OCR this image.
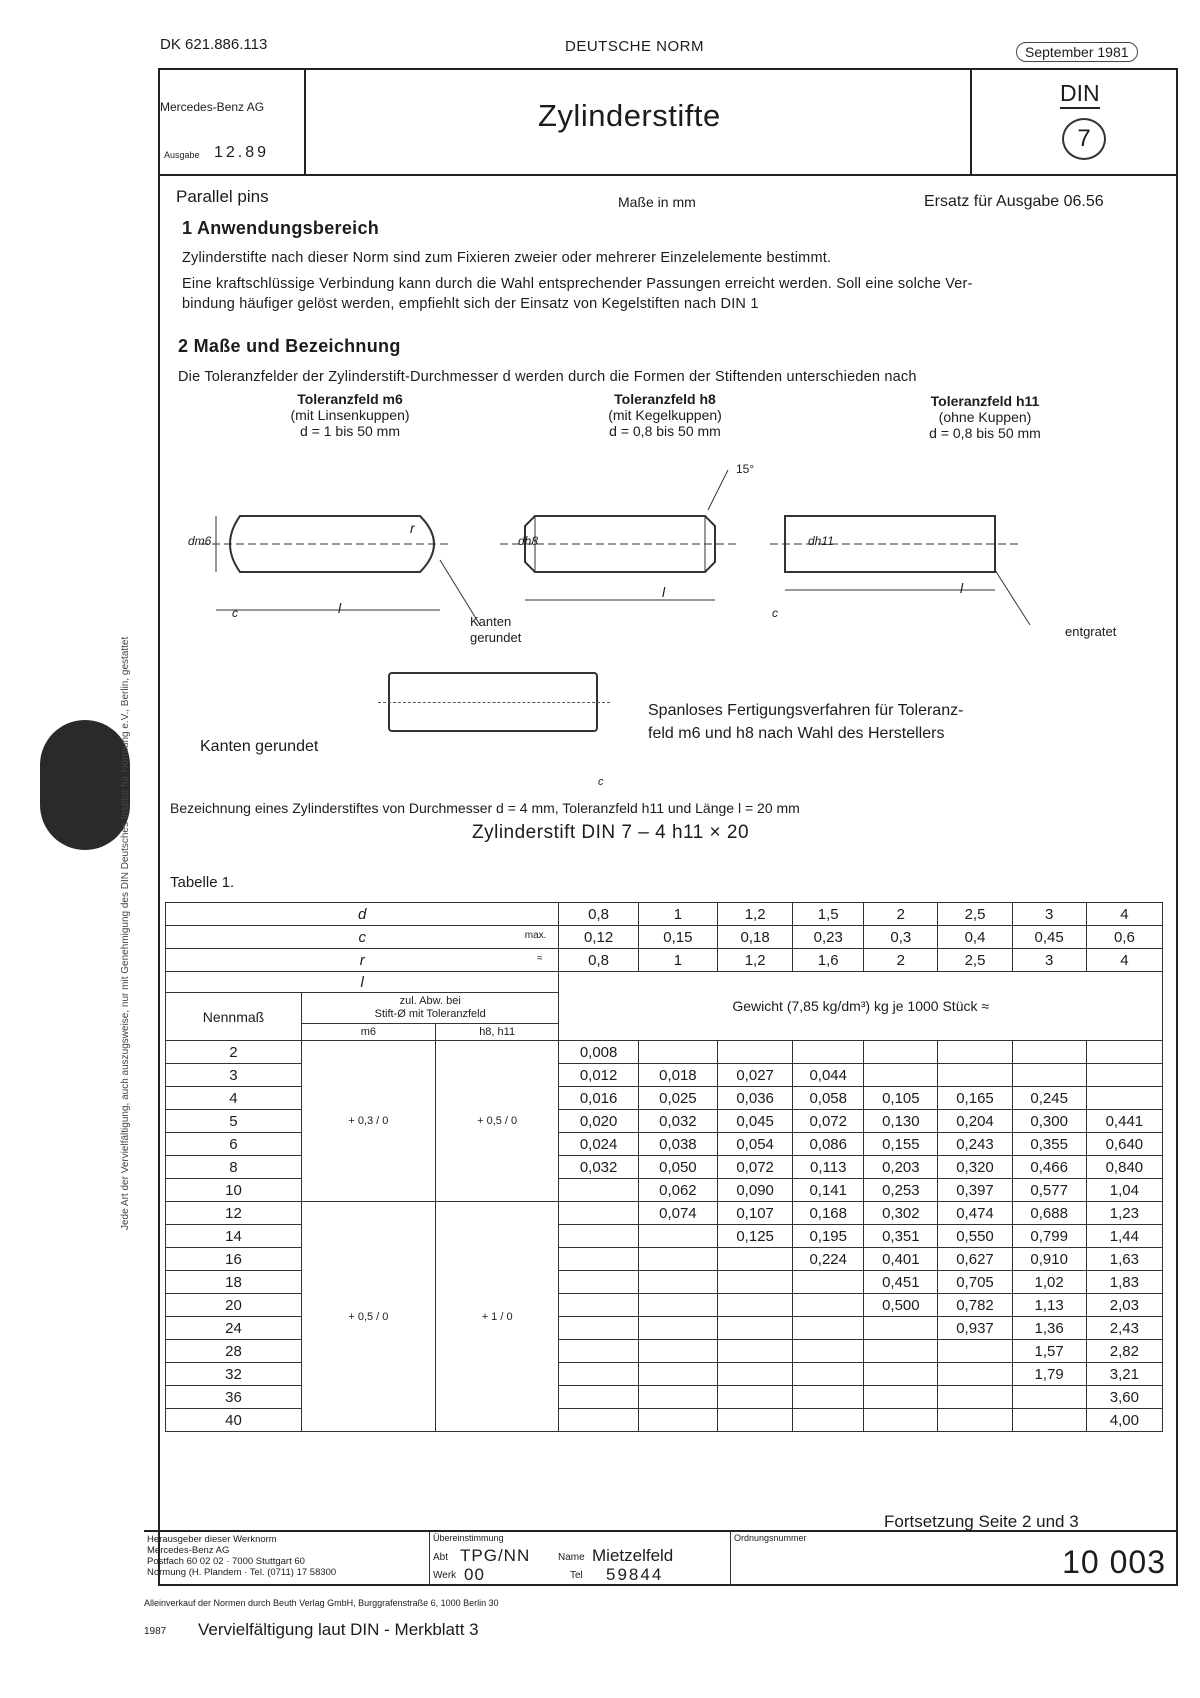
Jede Art der Vervielfältigung, auch auszugsweise, nur mit Genehmigung des DIN Deutsches Institut für Normung e.V., Berlin, gestattet
DK 621.886.113	DEUTSCHE NORM	September 1981
Mercedes-Benz AG
Ausgabe 12.89
Zylinderstifte
DIN
7
Parallel pins	Maße in mm	Ersatz für Ausgabe 06.56
1 Anwendungsbereich
Zylinderstifte nach dieser Norm sind zum Fixieren zweier oder mehrerer Einzelelemente bestimmt.
Eine kraftschlüssige Verbindung kann durch die Wahl entsprechender Passungen erreicht werden. Soll eine solche Ver-
bindung häufiger gelöst werden, empfiehlt sich der Einsatz von Kegelstiften nach DIN 1
2 Maße und Bezeichnung
Die Toleranzfelder der Zylinderstift-Durchmesser d werden durch die Formen der Stiftenden unterschieden nach
Toleranzfeld m6
(mit Linsenkuppen)
d = 1 bis 50 mm
Toleranzfeld h8
(mit Kegelkuppen)
d = 0,8 bis 50 mm
Toleranzfeld h11
(ohne Kuppen)
d = 0,8 bis 50 mm
dm6
l
c
r
dh8
l
c
15°
dh11
l
Kanten
gerundet	entgratet
Kanten gerundet
c
Spanloses Fertigungsverfahren für Toleranz-
feld m6 und h8 nach Wahl des Herstellers
Bezeichnung eines Zylinderstiftes von Durchmesser d = 4 mm, Toleranzfeld h11 und Länge l = 20 mm
Zylinderstift DIN 7 – 4 h11 × 20
Tabelle 1.
d			0,8	1	1,2	1,5	2	2,5	3	4
c max.			0,12	0,15	0,18	0,23	0,3	0,4	0,45	0,6
r ≈			0,8	1	1,2	1,6	2	2,5	3	4
l			Gewicht (7,85 kg/dm³) kg je 1000 Stück ≈							
Nennmaß	zul. Abw. bei
Stift-Ø mit Toleranzfeld									

	m6	h8, h11								
2	+ 0,3 / 0	+ 0,5 / 0	0,008							
3			0,012	0,018	0,027	0,044				
4			0,016	0,025	0,036	0,058	0,105	0,165	0,245	
5			0,020	0,032	0,045	0,072	0,130	0,204	0,300	0,441
6			0,024	0,038	0,054	0,086	0,155	0,243	0,355	0,640
8			0,032	0,050	0,072	0,113	0,203	0,320	0,466	0,840
10				0,062	0,090	0,141	0,253	0,397	0,577	1,04
12	+ 0,5 / 0	+ 1 / 0		0,074	0,107	0,168	0,302	0,474	0,688	1,23
14					0,125	0,195	0,351	0,550	0,799	1,44
16						0,224	0,401	0,627	0,910	1,63
18							0,451	0,705	1,02	1,83
20							0,500	0,782	1,13	2,03
24								0,937	1,36	2,43
28									1,57	2,82
32									1,79	3,21
36										3,60
40										4,00
Fortsetzung Seite 2 und 3
Herausgeber dieser Werknorm
Mercedes-Benz AG
Postfach 60 02 02 · 7000 Stuttgart 60
Normung (H. Plandem · Tel. (0711) 17 58300
Übereinstimmung
Abt TPG/NN	Name Mietzelfeld
Werk 00	Tel 59844
Ordnungsnummer
10 003
Alleinverkauf der Normen durch Beuth Verlag GmbH, Burggrafenstraße 6, 1000 Berlin 30
1987 Vervielfältigung laut DIN - Merkblatt 3
